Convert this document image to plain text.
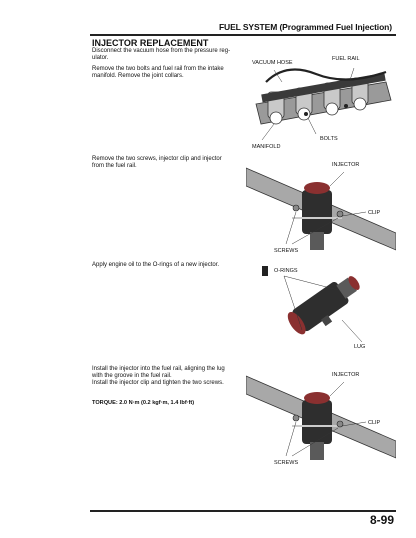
FUEL SYSTEM (Programmed Fuel Injection)
INJECTOR REPLACEMENT
Disconnect the vacuum hose from the pressure reg-
ulator.
Remove the two bolts and fuel rail from the intake
manifold. Remove the joint collars.
VACUUM HOSE
FUEL RAIL
BOLTS
MANIFOLD
Remove the two screws, injector clip and injector
from the fuel rail.	INJECTOR
CLIP
SCREWS
Apply engine oil to the O-rings of a new injector.
O-RINGS
LUG
Install the injector into the fuel rail, aligning the lug
with the groove in the fuel rail.
Install the injector clip and tighten the two screws.
TORQUE: 2.0 N·m (0.2 kgf·m, 1.4 lbf·ft)
INJECTOR
CLIP
SCREWS
8-99
